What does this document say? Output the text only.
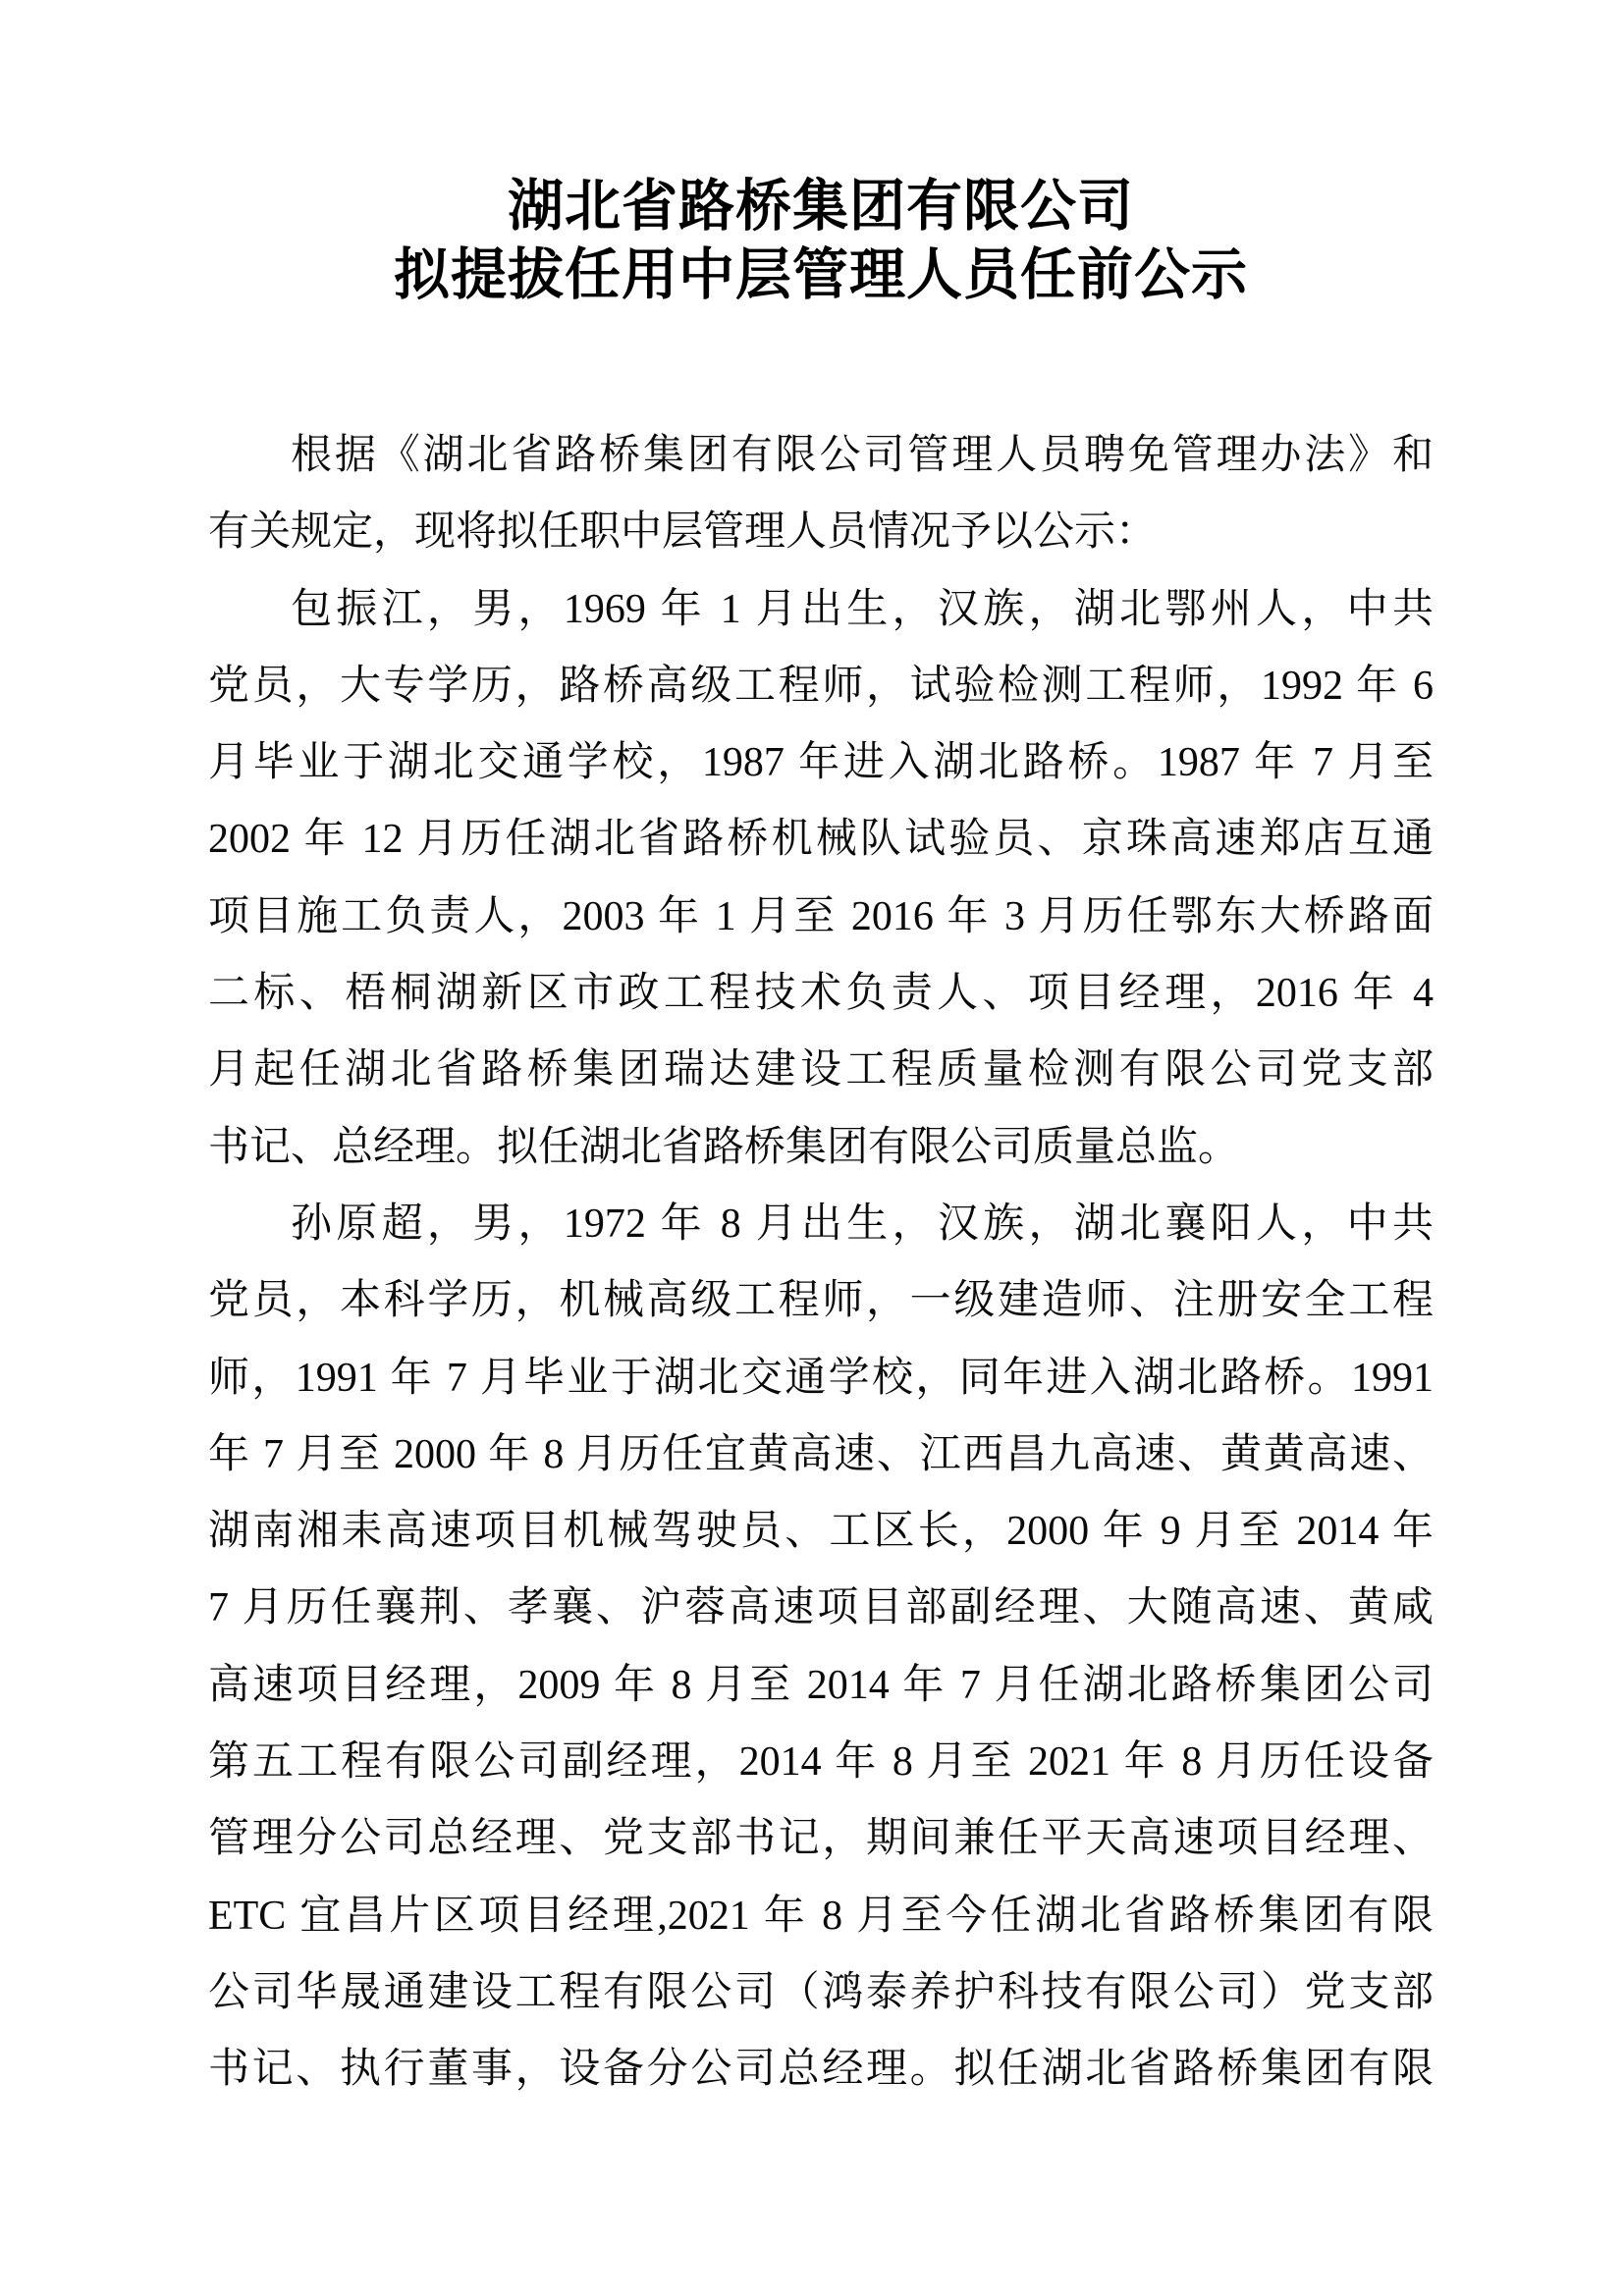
湖北省路桥集团有限公司
拟提拔任用中层管理人员任前公示
根据《湖北省路桥集团有限公司管理人员聘免管理办法》和
有关规定，现将拟任职中层管理人员情况予以公示：
包振江，男，1969 年 1 月出生，汉族，湖北鄂州人，中共
党员，大专学历，路桥高级工程师，试验检测工程师，1992 年 6
月毕业于湖北交通学校，1987 年进入湖北路桥。1987 年 7 月至
2002 年 12 月历任湖北省路桥机械队试验员、京珠高速郑店互通
项目施工负责人，2003 年 1 月至 2016 年 3 月历任鄂东大桥路面
二标、梧桐湖新区市政工程技术负责人、项目经理，2016 年 4
月起任湖北省路桥集团瑞达建设工程质量检测有限公司党支部
书记、总经理。拟任湖北省路桥集团有限公司质量总监。
孙原超，男，1972 年 8 月出生，汉族，湖北襄阳人，中共
党员，本科学历，机械高级工程师，一级建造师、注册安全工程
师，1991 年 7 月毕业于湖北交通学校，同年进入湖北路桥。1991
年 7 月至 2000 年 8 月历任宜黄高速、江西昌九高速、黄黄高速、
湖南湘耒高速项目机械驾驶员、工区长，2000 年 9 月至 2014 年
7 月历任襄荆、孝襄、沪蓉高速项目部副经理、大随高速、黄咸
高速项目经理，2009 年 8 月至 2014 年 7 月任湖北路桥集团公司
第五工程有限公司副经理，2014 年 8 月至 2021 年 8 月历任设备
管理分公司总经理、党支部书记，期间兼任平天高速项目经理、
ETC 宜昌片区项目经理,2021 年 8 月至今任湖北省路桥集团有限
公司华晟通建设工程有限公司（鸿泰养护科技有限公司）党支部
书记、执行董事，设备分公司总经理。拟任湖北省路桥集团有限
